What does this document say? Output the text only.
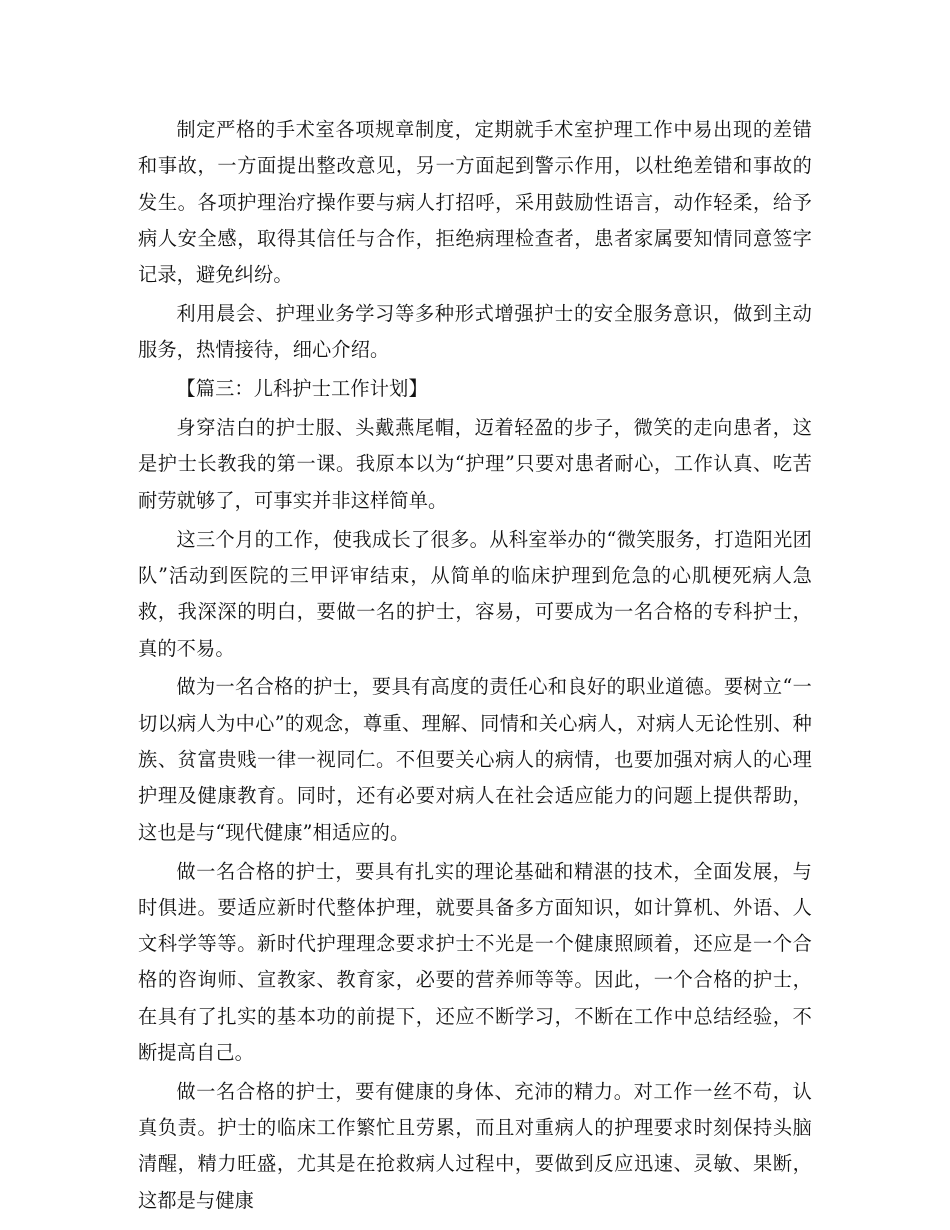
制定严格的手术室各项规章制度，定期就手术室护理工作中易出现的差错和事故，一方面提出整改意见，另一方面起到警示作用，以杜绝差错和事故的发生。各项护理治疗操作要与病人打招呼，采用鼓励性语言，动作轻柔，给予病人安全感，取得其信任与合作，拒绝病理检查者，患者家属要知情同意签字记录，避免纠纷。

利用晨会、护理业务学习等多种形式增强护士的安全服务意识，做到主动服务，热情接待，细心介绍。

【篇三：儿科护士工作计划】

身穿洁白的护士服、头戴燕尾帽，迈着轻盈的步子，微笑的走向患者，这是护士长教我的第一课。我原本以为“护理”只要对患者耐心，工作认真、吃苦耐劳就够了，可事实并非这样简单。

这三个月的工作，使我成长了很多。从科室举办的“微笑服务，打造阳光团队”活动到医院的三甲评审结束，从简单的临床护理到危急的心肌梗死病人急救，我深深的明白，要做一名的护士，容易，可要成为一名合格的专科护士，真的不易。

做为一名合格的护士，要具有高度的责任心和良好的职业道德。要树立“一切以病人为中心”的观念，尊重、理解、同情和关心病人，对病人无论性别、种族、贫富贵贱一律一视同仁。不但要关心病人的病情，也要加强对病人的心理护理及健康教育。同时，还有必要对病人在社会适应能力的问题上提供帮助，这也是与“现代健康”相适应的。

做一名合格的护士，要具有扎实的理论基础和精湛的技术，全面发展，与时俱进。要适应新时代整体护理，就要具备多方面知识，如计算机、外语、人文科学等等。新时代护理理念要求护士不光是一个健康照顾着，还应是一个合格的咨询师、宣教家、教育家，必要的营养师等等。因此，一个合格的护士，在具有了扎实的基本功的前提下，还应不断学习，不断在工作中总结经验，不断提高自己。

做一名合格的护士，要有健康的身体、充沛的精力。对工作一丝不苟，认真负责。护士的临床工作繁忙且劳累，而且对重病人的护理要求时刻保持头脑清醒，精力旺盛，尤其是在抢救病人过程中，要做到反应迅速、灵敏、果断，这都是与健康
